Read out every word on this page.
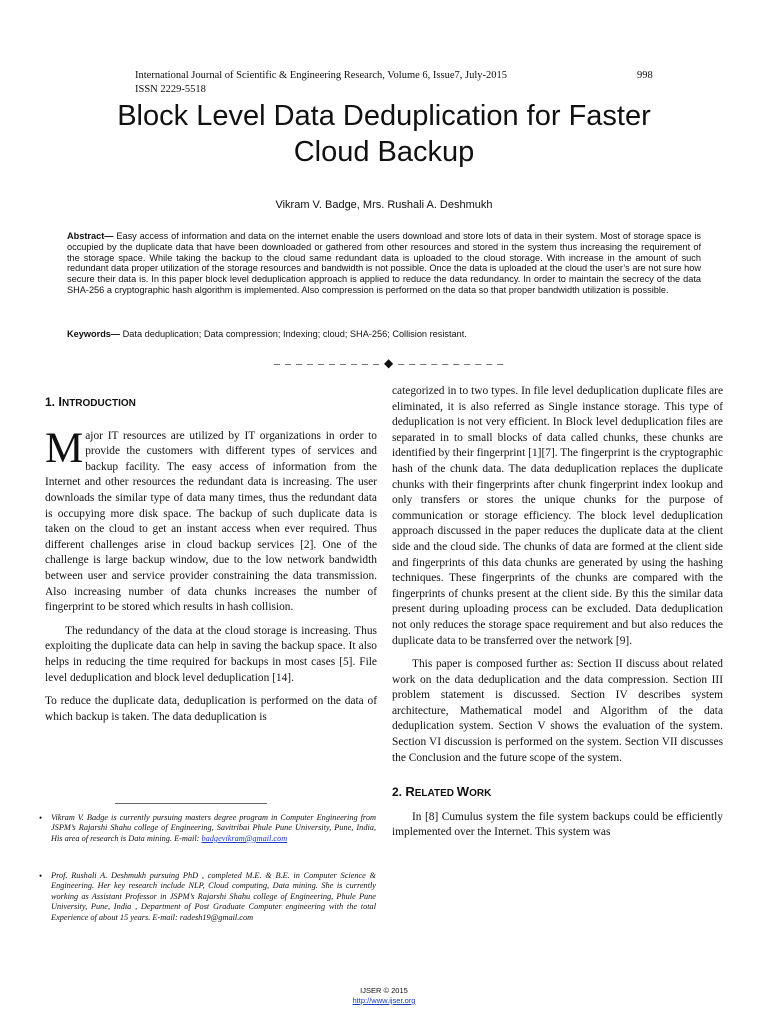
International Journal of Scientific & Engineering Research, Volume 6, Issue7, July-2015	998
ISSN 2229-5518
Block Level Data Deduplication for Faster
Cloud Backup
Vikram V. Badge, Mrs. Rushali A. Deshmukh
Abstract— Easy access of information and data on the internet enable the users download and store lots of data in their system. Most of storage space is occupied by the duplicate data that have been downloaded or gathered from other resources and stored in the system thus increasing the requirement of the storage space. While taking the backup to the cloud same redundant data is uploaded to the cloud storage. With increase in the amount of such redundant data proper utilization of the storage resources and bandwidth is not possible. Once the data is uploaded at the cloud the user’s are not sure how secure their data is. In this paper block level deduplication approach is applied to reduce the data redundancy. In order to maintain the secrecy of the data SHA-256 a cryptographic hash algorithm is implemented. Also compression is performed on the data so that proper bandwidth utilization is possible.
Keywords— Data deduplication; Data compression; Indexing; cloud; SHA-256; Collision resistant.
– – – – – – – – – – ◆ – – – – – – – – – –

1. INTRODUCTION

Major IT resources are utilized by IT organizations in order to provide the customers with different types of services and backup facility. The easy access of information from the Internet and other resources the redundant data is increasing. The user downloads the similar type of data many times, thus the redundant data is occupying more disk space. The backup of such duplicate data is taken on the cloud to get an instant access when ever required. Thus different challenges arise in cloud backup services [2]. One of the challenge is large backup window, due to the low network bandwidth between user and service provider constraining the data transmission. Also increasing number of data chunks increases the number of fingerprint to be stored which results in hash collision.

The redundancy of the data at the cloud storage is increasing. Thus exploiting the duplicate data can help in saving the backup space. It also helps in reducing the time required for backups in most cases [5]. File level deduplication and block level deduplication [14].

To reduce the duplicate data, deduplication is performed on the data of which backup is taken. The data deduplication is

categorized in to two types. In file level deduplication duplicate files are eliminated, it is also referred as Single instance storage. This type of deduplication is not very efficient. In Block level deduplication files are separated in to small blocks of data called chunks, these chunks are identified by their fingerprint [1][7]. The fingerprint is the cryptographic hash of the chunk data. The data deduplication replaces the duplicate chunks with their fingerprints after chunk fingerprint index lookup and only transfers or stores the unique chunks for the purpose of communication or storage efficiency. The block level deduplication approach discussed in the paper reduces the duplicate data at the client side and the cloud side. The chunks of data are formed at the client side and fingerprints of this data chunks are generated by using the hashing techniques. These fingerprints of the chunks are compared with the fingerprints of chunks present at the client side. By this the similar data present during uploading process can be excluded. Data deduplication not only reduces the storage space requirement and but also reduces the duplicate data to be transferred over the network [9].

This paper is composed further as: Section II discuss about related work on the data deduplication and the data compression. Section III problem statement is discussed. Section IV describes system architecture, Mathematical model and Algorithm of the data deduplication system. Section V shows the evaluation of the system. Section VI discussion is performed on the system. Section VII discusses the Conclusion and the future scope of the system.

2. RELATED WORK

In [8] Cumulus system the file system backups could be efficiently implemented over the Internet. This system was

• Vikram V. Badge is currently pursuing masters degree program in Computer Engineering from JSPM’s Rajarshi Shahu college of Engineering, Savitribai Phule Pune University, Pune, India, His area of research is Data mining. E-mail: badgevikram@gmail.com
• Prof. Rushali A. Deshmukh pursuing PhD , completed M.E. & B.E. in Computer Science & Engineering. Her key research include NLP, Cloud computing, Data mining. She is currently working as Assistant Professor in JSPM’s Rajarshi Shahu college of Engineering, Phule Pune University, Pune, India , Department of Post Graduate Computer engineering with the total Experience of about 15 years. E-mail: radesh19@gmail.com
IJSER © 2015
http://www.ijser.org
